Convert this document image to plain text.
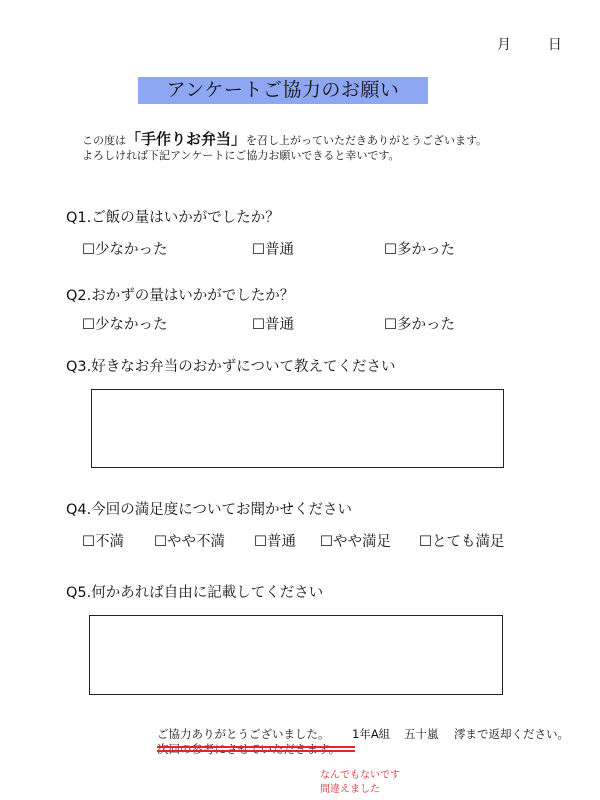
月	日
アンケートご協力のお願い
この度は「手作りお弁当」を召し上がっていただきありがとうございます。
よろしければ下記アンケートにご協力お願いできると幸いです。
Q1.ご飯の量はいかがでしたか？
☐少なかった	☐普通	☐多かった
Q2.おかずの量はいかがでしたか？
☐少なかった	☐普通	☐多かった
Q3.好きなお弁当のおかずについて教えてください
Q4.今回の満足度についてお聞かせください
☐不満 ☐やや不満 ☐普通 ☐やや満足 ☐とても満足
Q5.何かあれば自由に記載してください
ご協力ありがとうございました。 1年A組 五十嵐 澪まで返却ください。
次回の参考にさせていただきます。
なんでもないです
間違えました
